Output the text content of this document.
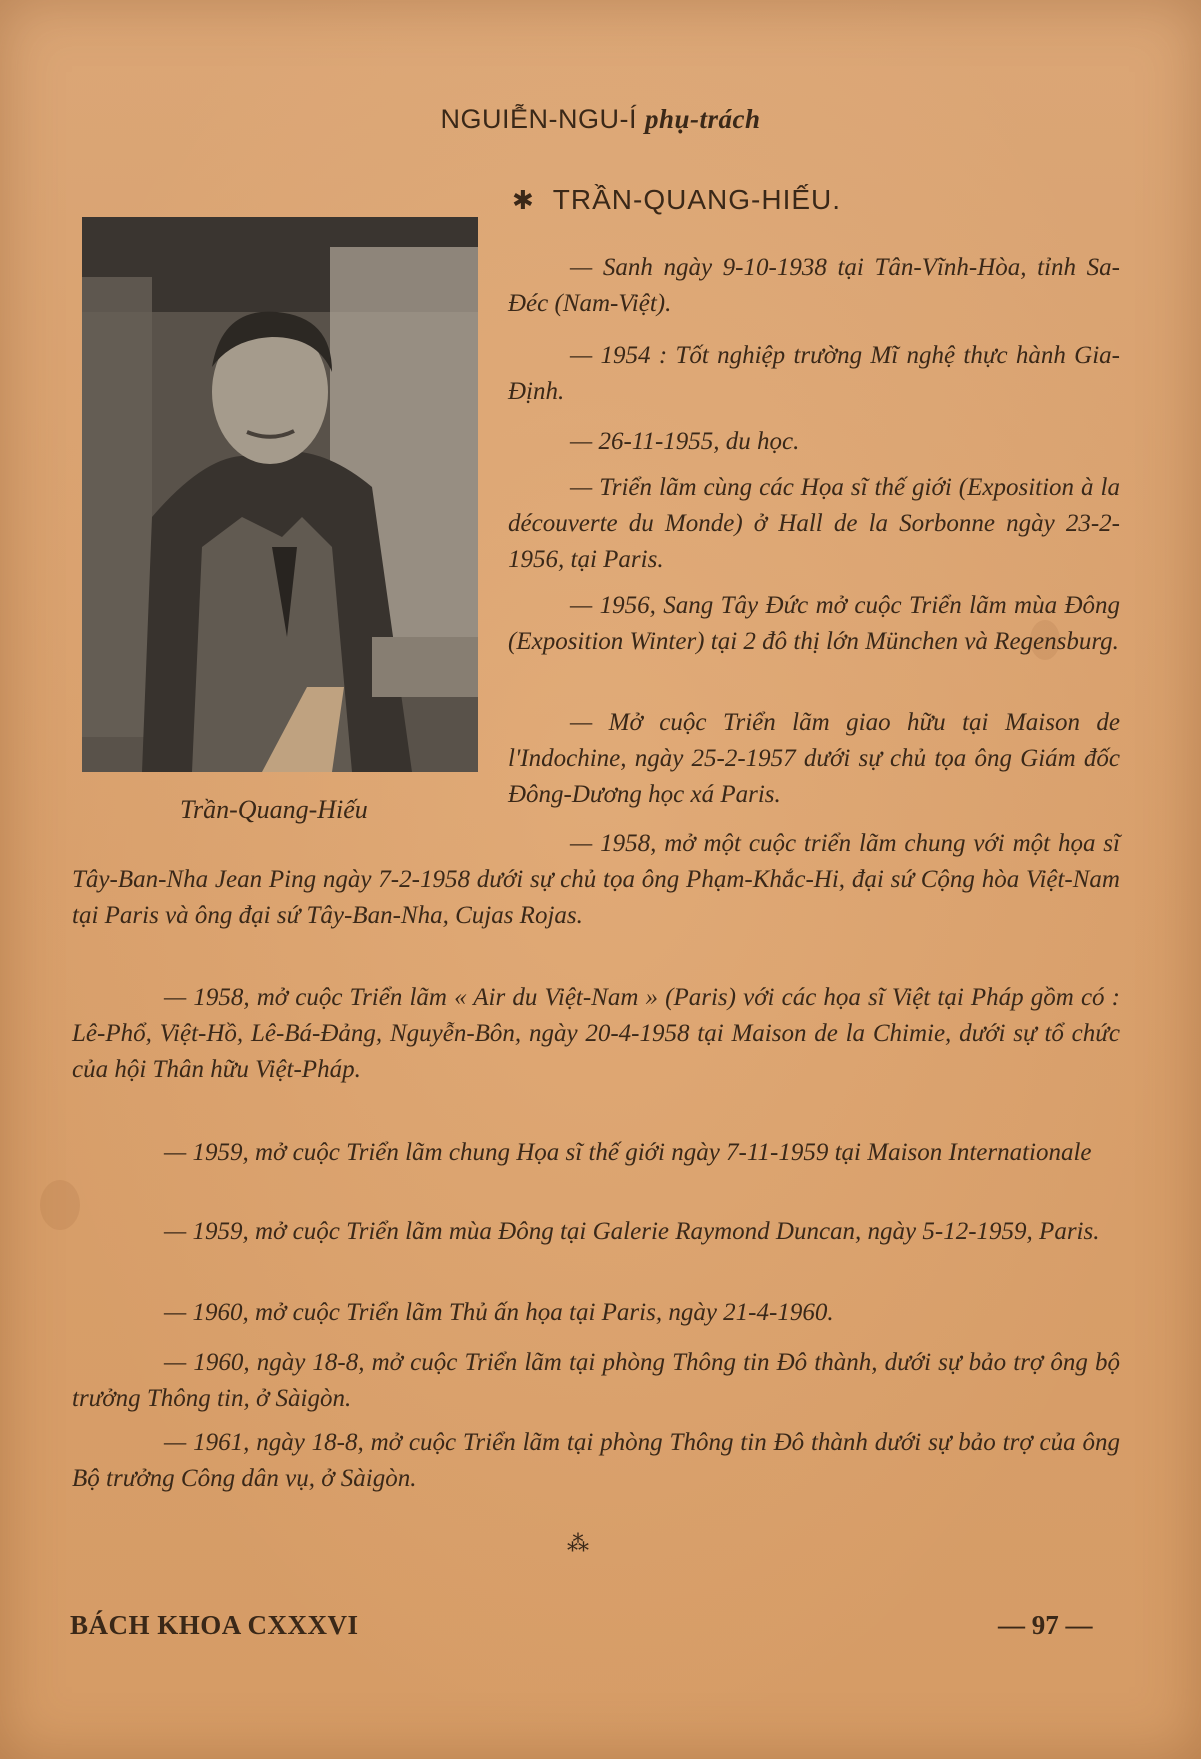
NGUIỄN-NGU-Í phụ-trách
✱ TRẦN-QUANG-HIẾU.
Trần-Quang-Hiếu

— Sanh ngày 9-10-1938 tại Tân-Vĩnh-Hòa, tỉnh Sa-Đéc (Nam-Việt).

— 1954 : Tốt nghiệp trường Mĩ nghệ thực hành Gia-Định.

— 26-11-1955, du học.

— Triển lãm cùng các Họa sĩ thế giới (Exposition à la découverte du Monde) ở Hall de la Sorbonne ngày 23-2-1956, tại Paris.

— 1956, Sang Tây Đức mở cuộc Triển lãm mùa Đông (Exposition Winter) tại 2 đô thị lớn München và Regensburg.

— Mở cuộc Triển lãm giao hữu tại Maison de l'Indochine, ngày 25-2-1957 dưới sự chủ tọa ông Giám đốc Đông-Dương học xá Paris.

— 1958, mở một cuộc triển lãm chung với một họa sĩ Tây-Ban-Nha Jean Ping ngày 7-2-1958 dưới sự chủ tọa ông Phạm-Khắc-Hi, đại sứ Cộng hòa Việt-Nam tại Paris và ông đại sứ Tây-Ban-Nha, Cujas Rojas.

— 1958, mở cuộc Triển lãm « Air du Việt-Nam » (Paris) với các họa sĩ Việt tại Pháp gồm có : Lê-Phổ, Việt-Hồ, Lê-Bá-Đảng, Nguyễn-Bôn, ngày 20-4-1958 tại Maison de la Chimie, dưới sự tổ chức của hội Thân hữu Việt-Pháp.

— 1959, mở cuộc Triển lãm chung Họa sĩ thế giới ngày 7-11-1959 tại Maison Internationale

— 1959, mở cuộc Triển lãm mùa Đông tại Galerie Raymond Duncan, ngày 5-12-1959, Paris.

— 1960, mở cuộc Triển lãm Thủ ấn họa tại Paris, ngày 21-4-1960.

— 1960, ngày 18-8, mở cuộc Triển lãm tại phòng Thông tin Đô thành, dưới sự bảo trợ ông bộ trưởng Thông tin, ở Sàigòn.

— 1961, ngày 18-8, mở cuộc Triển lãm tại phòng Thông tin Đô thành dưới sự bảo trợ của ông Bộ trưởng Công dân vụ, ở Sàigòn.

⁂
BÁCH KHOA CXXXVI	— 97 —
